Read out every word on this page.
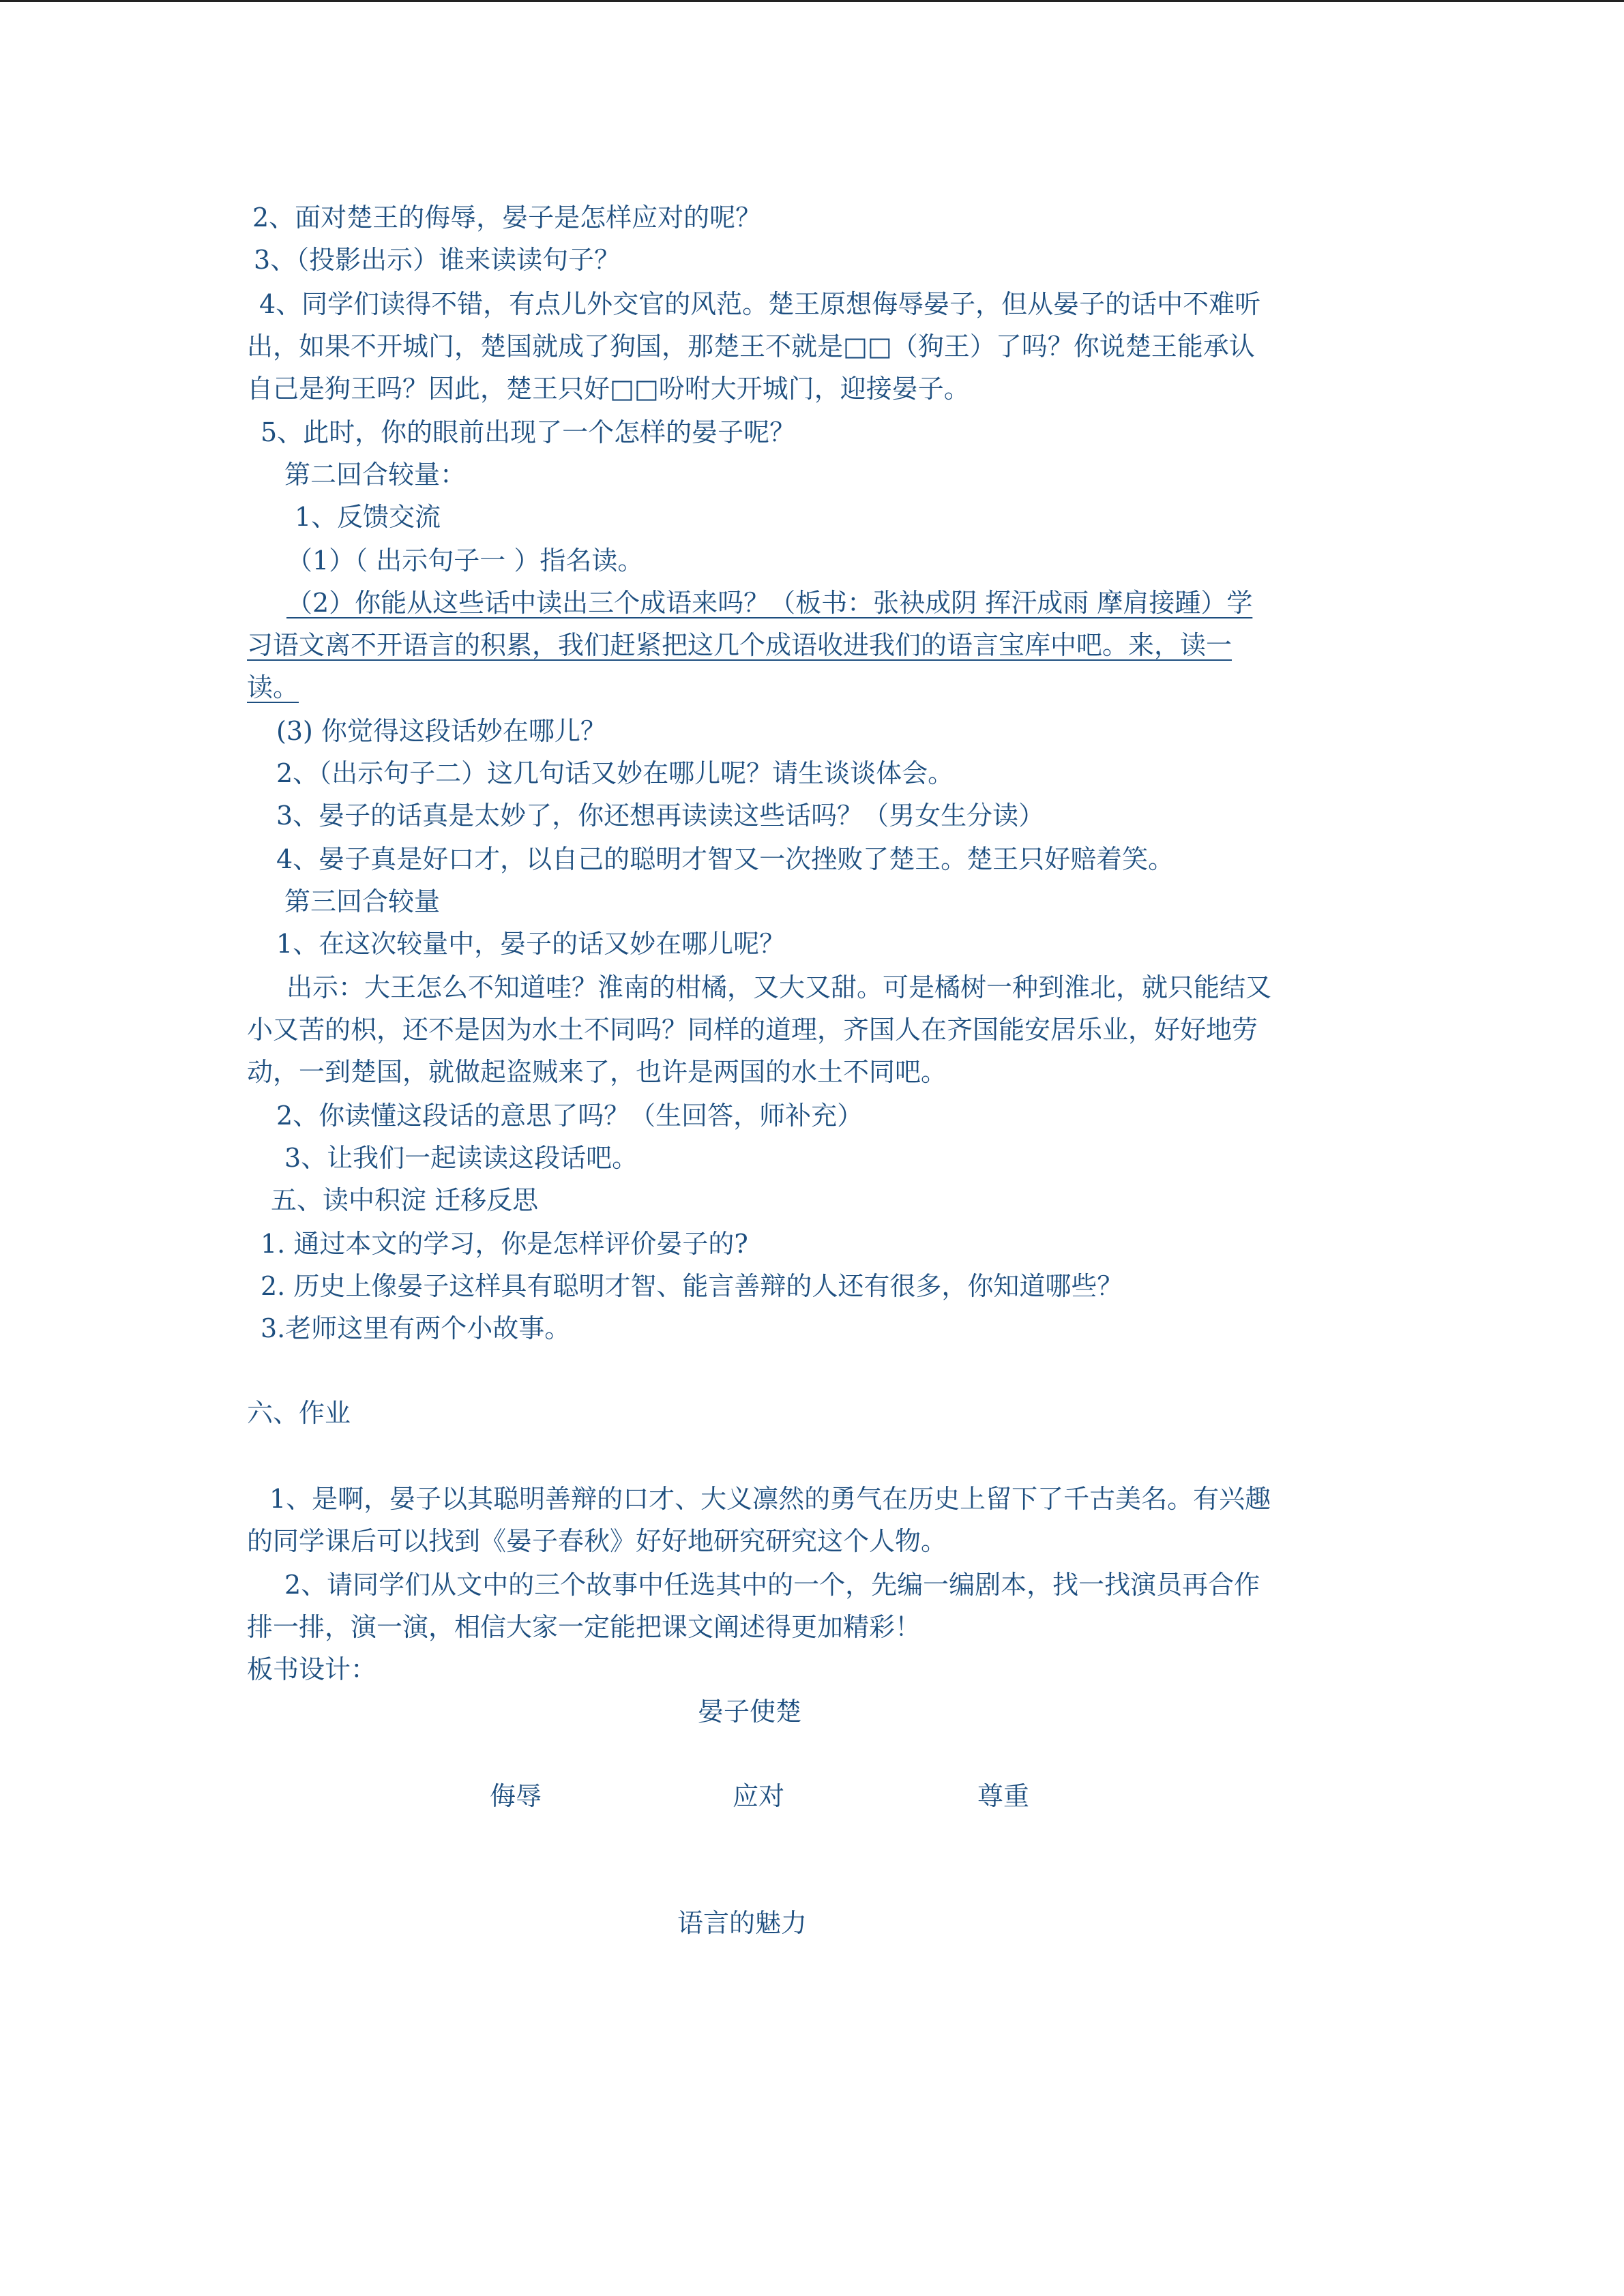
2、面对楚王的侮辱，晏子是怎样应对的呢？
3、（投影出示）谁来读读句子？
4、同学们读得不错，有点儿外交官的风范。楚王原想侮辱晏子，但从晏子的话中不难听
出，如果不开城门，楚国就成了狗国，那楚王不就是□□（狗王）了吗？你说楚王能承认
自己是狗王吗？因此，楚王只好□□吩咐大开城门，迎接晏子。
5、此时，你的眼前出现了一个怎样的晏子呢？
第二回合较量：
1、反馈交流
（1）（ 出示句子一 ）指名读。
（2）你能从这些话中读出三个成语来吗？（板书：张袂成阴 挥汗成雨 摩肩接踵）学
习语文离不开语言的积累，我们赶紧把这几个成语收进我们的语言宝库中吧。来，读一
读。
(3) 你觉得这段话妙在哪儿？
2、（出示句子二）这几句话又妙在哪儿呢？请生谈谈体会。
3、晏子的话真是太妙了，你还想再读读这些话吗？（男女生分读）
4、晏子真是好口才，以自己的聪明才智又一次挫败了楚王。楚王只好赔着笑。
第三回合较量
1、在这次较量中，晏子的话又妙在哪儿呢？
出示：大王怎么不知道哇？淮南的柑橘，又大又甜。可是橘树一种到淮北，就只能结又
小又苦的枳，还不是因为水土不同吗？同样的道理，齐国人在齐国能安居乐业，好好地劳
动，一到楚国，就做起盗贼来了，也许是两国的水土不同吧。
2、你读懂这段话的意思了吗？（生回答，师补充）
3、让我们一起读读这段话吧。
五、读中积淀 迁移反思
1. 通过本文的学习，你是怎样评价晏子的?
2. 历史上像晏子这样具有聪明才智、能言善辩的人还有很多，你知道哪些？
3.老师这里有两个小故事。
六、作业
1、是啊，晏子以其聪明善辩的口才、大义凛然的勇气在历史上留下了千古美名。有兴趣
的同学课后可以找到《晏子春秋》好好地研究研究这个人物。
2、请同学们从文中的三个故事中任选其中的一个，先编一编剧本，找一找演员再合作
排一排，演一演，相信大家一定能把课文阐述得更加精彩！
板书设计：
晏子使楚
侮辱	应对	尊重
语言的魅力
